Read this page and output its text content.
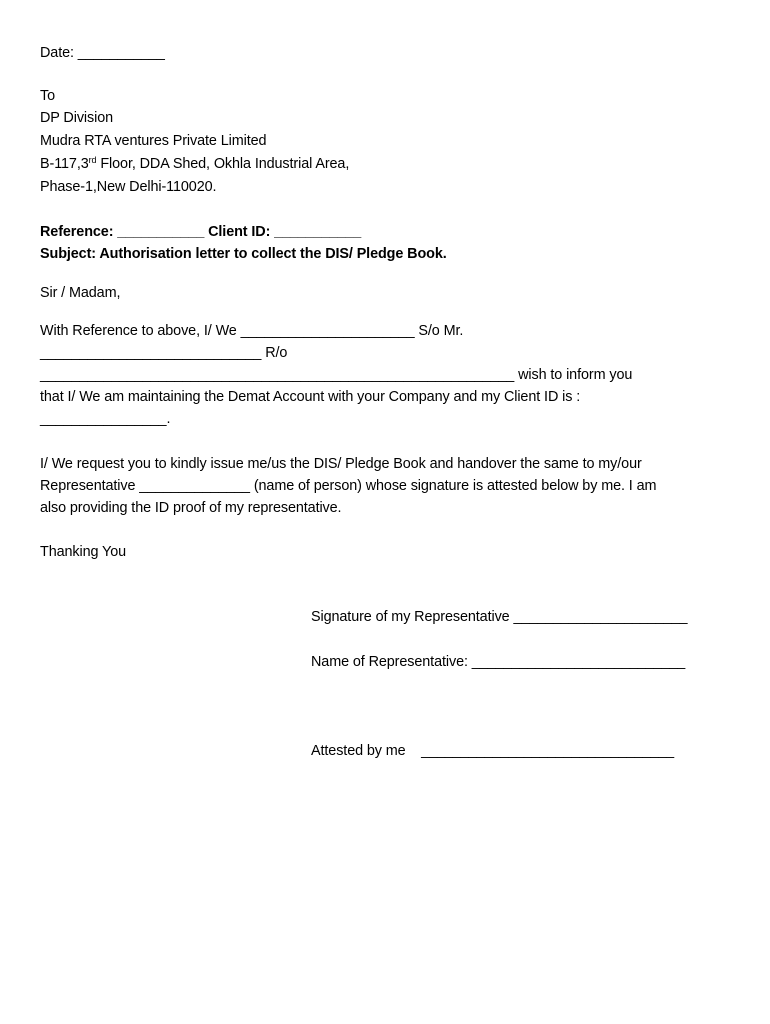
Date: ___________
To
DP Division
Mudra RTA ventures Private Limited
B-117,3rd Floor, DDA Shed, Okhla Industrial Area,
Phase-1,New Delhi-110020.
Reference: ___________ Client ID: ___________
Subject: Authorisation letter to collect the DIS/ Pledge Book.
Sir / Madam,
With Reference to above, I/ We ______________________ S/o Mr.
____________________________ R/o
____________________________________________________________ wish to inform you
that I/ We am maintaining the Demat Account with your Company and my Client ID is :
________________.
I/ We request you to kindly issue me/us the DIS/ Pledge Book and handover the same to my/our
Representative ______________ (name of person) whose signature is attested below by me. I am
also providing the ID proof of my representative.
Thanking You
Signature of my Representative ______________________
Name of Representative: ___________________________
Attested by me    ________________________________
